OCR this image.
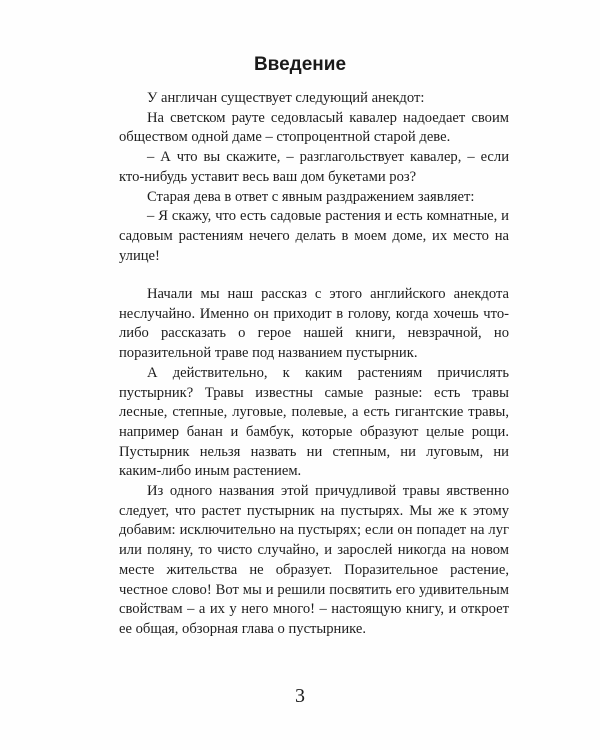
Введение

У англичан существует следующий анекдот:

На светском рауте седовласый кавалер надоедает своим обществом одной даме – стопроцентной старой деве.

– А что вы скажите, – разглагольствует кавалер, – если кто-нибудь уставит весь ваш дом букетами роз?

Старая дева в ответ с явным раздражением заявляет:

– Я скажу, что есть садовые растения и есть комнатные, и садовым растениям нечего делать в моем доме, их место на улице!

Начали мы наш рассказ с этого английского анекдота неслучайно. Именно он приходит в голову, когда хочешь что-либо рассказать о герое нашей книги, невзрачной, но поразительной траве под названием пустырник.

А действительно, к каким растениям причислять пустырник? Травы известны самые разные: есть травы лесные, степные, луговые, полевые, а есть гигантские травы, например банан и бамбук, которые образуют целые рощи. Пустырник нельзя назвать ни степным, ни луговым, ни каким-либо иным растением.

Из одного названия этой причудливой травы явственно следует, что растет пустырник на пустырях. Мы же к этому добавим: исключительно на пустырях; если он попадет на луг или поляну, то чисто случайно, и зарослей никогда на новом месте жительства не образует. Поразительное растение, честное слово! Вот мы и решили посвятить его удивительным свойствам – а их у него много! – настоящую книгу, и откроет ее общая, обзорная глава о пустырнике.

3
